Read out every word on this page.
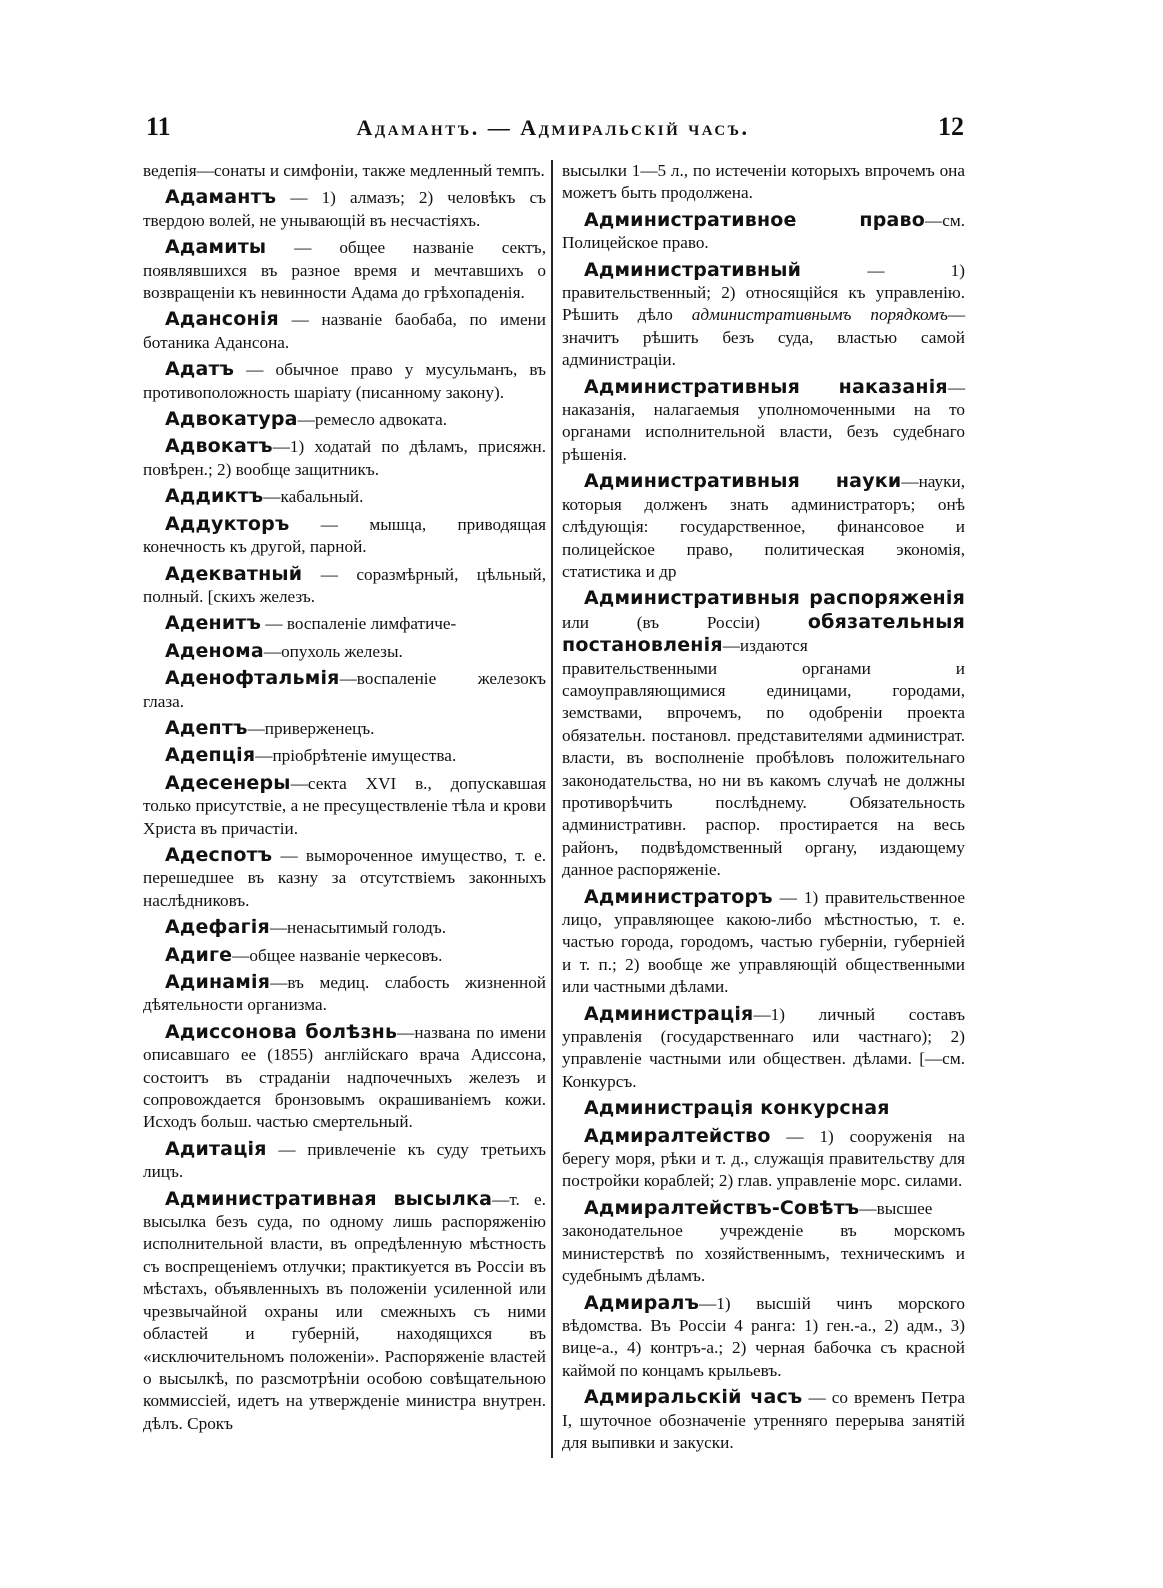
11	Адамантъ. — Адмиральскій часъ.	12

ведепія—сонаты и симфоніи, также медленный темпъ.

Адамантъ — 1) алмазъ; 2) человѣкъ съ твердою волей, не унывающій въ несчастіяхъ.

Адамиты — общее названіе сектъ, появлявшихся въ разное время и мечтавшихъ о возвращеніи къ невинности Адама до грѣхопаденія.

Адансонія — названіе баобаба, по имени ботаника Адансона.

Адатъ — обычное право у мусульманъ, въ противоположность шаріату (писанному закону).

Адвокатура—ремесло адвоката.

Адвокатъ—1) ходатай по дѣламъ, присяжн. повѣрен.; 2) вообще защитникъ.

Аддиктъ—кабальный.

Аддукторъ — мышца, приводящая конечность къ другой, парной.

Адекватный — соразмѣрный, цѣльный, полный. [скихъ железъ.

Аденитъ — воспаленіе лимфатиче-

Аденома—опухоль железы.

Аденофтальмія—воспаленіе железокъ глаза.

Адептъ—приверженецъ.

Адепція—пріобрѣтеніе имущества.

Адесенеры—секта XVI в., допускавшая только присутствіе, а не пресуществленіе тѣла и крови Христа въ причастіи.

Адеспотъ — вымороченное имущество, т. е. перешедшее въ казну за отсутствіемъ законныхъ наслѣдниковъ.

Адефагія—ненасытимый голодъ.

Адиге—общее названіе черкесовъ.

Адинамія—въ медиц. слабость жизненной дѣятельности организма.

Адиссонова болѣзнь—названа по имени описавшаго ее (1855) англійскаго врача Адиссона, состоитъ въ страданіи надпочечныхъ железъ и сопровождается бронзовымъ окрашиваніемъ кожи. Исходъ больш. частью смертельный.

Адитація — привлеченіе къ суду третьихъ лицъ.

Административная высылка—т. е. высылка безъ суда, по одному лишь распоряженію исполнительной власти, въ опредѣленную мѣстность съ воспрещеніемъ отлучки; практикуется въ Россіи въ мѣстахъ, объявленныхъ въ положеніи усиленной или чрезвычайной охраны или смежныхъ съ ними областей и губерній, находящихся въ «исключительномъ положеніи». Распоряженіе властей о высылкѣ, по разсмотрѣніи особою совѣщательною коммиссіей, идетъ на утвержденіе министра внутрен. дѣлъ. Срокъ

высылки 1—5 л., по истеченіи которыхъ впрочемъ она можетъ быть продолжена.

Административное право—см. Полицейское право.

Административный — 1) правительственный; 2) относящійся къ управленію. Рѣшить дѣло административнымъ порядкомъ—значитъ рѣшить безъ суда, властью самой администраціи.

Административныя наказанія—наказанія, налагаемыя уполномоченными на то органами исполнительной власти, безъ судебнаго рѣшенія.

Административныя науки—науки, которыя долженъ знать администраторъ; онѣ слѣдующія: государственное, финансовое и полицейское право, политическая экономія, статистика и др

Административныя распоряженія или (въ Россіи) обязательныя постановленія—издаются правительственными органами и самоуправляющимися единицами, городами, земствами, впрочемъ, по одобреніи проекта обязательн. постановл. представителями администрат. власти, въ восполненіе пробѣловъ положительнаго законодательства, но ни въ какомъ случаѣ не должны противорѣчить послѣднему. Обязательность административн. распор. простирается на весь районъ, подвѣдомственный органу, издающему данное распоряженіе.

Администраторъ — 1) правительственное лицо, управляющее какою-либо мѣстностью, т. е. частью города, городомъ, частью губерніи, губерніей и т. п.; 2) вообще же управляющій общественными или частными дѣлами.

Администрація—1) личный составъ управленія (государственнаго или частнаго); 2) управленіе частными или обществен. дѣлами. [—см. Конкурсъ.

Администрація конкурсная

Адмиралтейство — 1) сооруженія на берегу моря, рѣки и т. д., служащія правительству для постройки кораблей; 2) глав. управленіе морс. силами.

Адмиралтействъ-Совѣтъ—высшее законодательное учрежденіе въ морскомъ министерствѣ по хозяйственнымъ, техническимъ и судебнымъ дѣламъ.

Адмиралъ—1) высшій чинъ морского вѣдомства. Въ Россіи 4 ранга: 1) ген.-а., 2) адм., 3) вице-а., 4) контръ-а.; 2) черная бабочка съ красной каймой по концамъ крыльевъ.

Адмиральскій часъ — со временъ Петра I, шуточное обозначеніе утренняго перерыва занятій для выпивки и закуски.
